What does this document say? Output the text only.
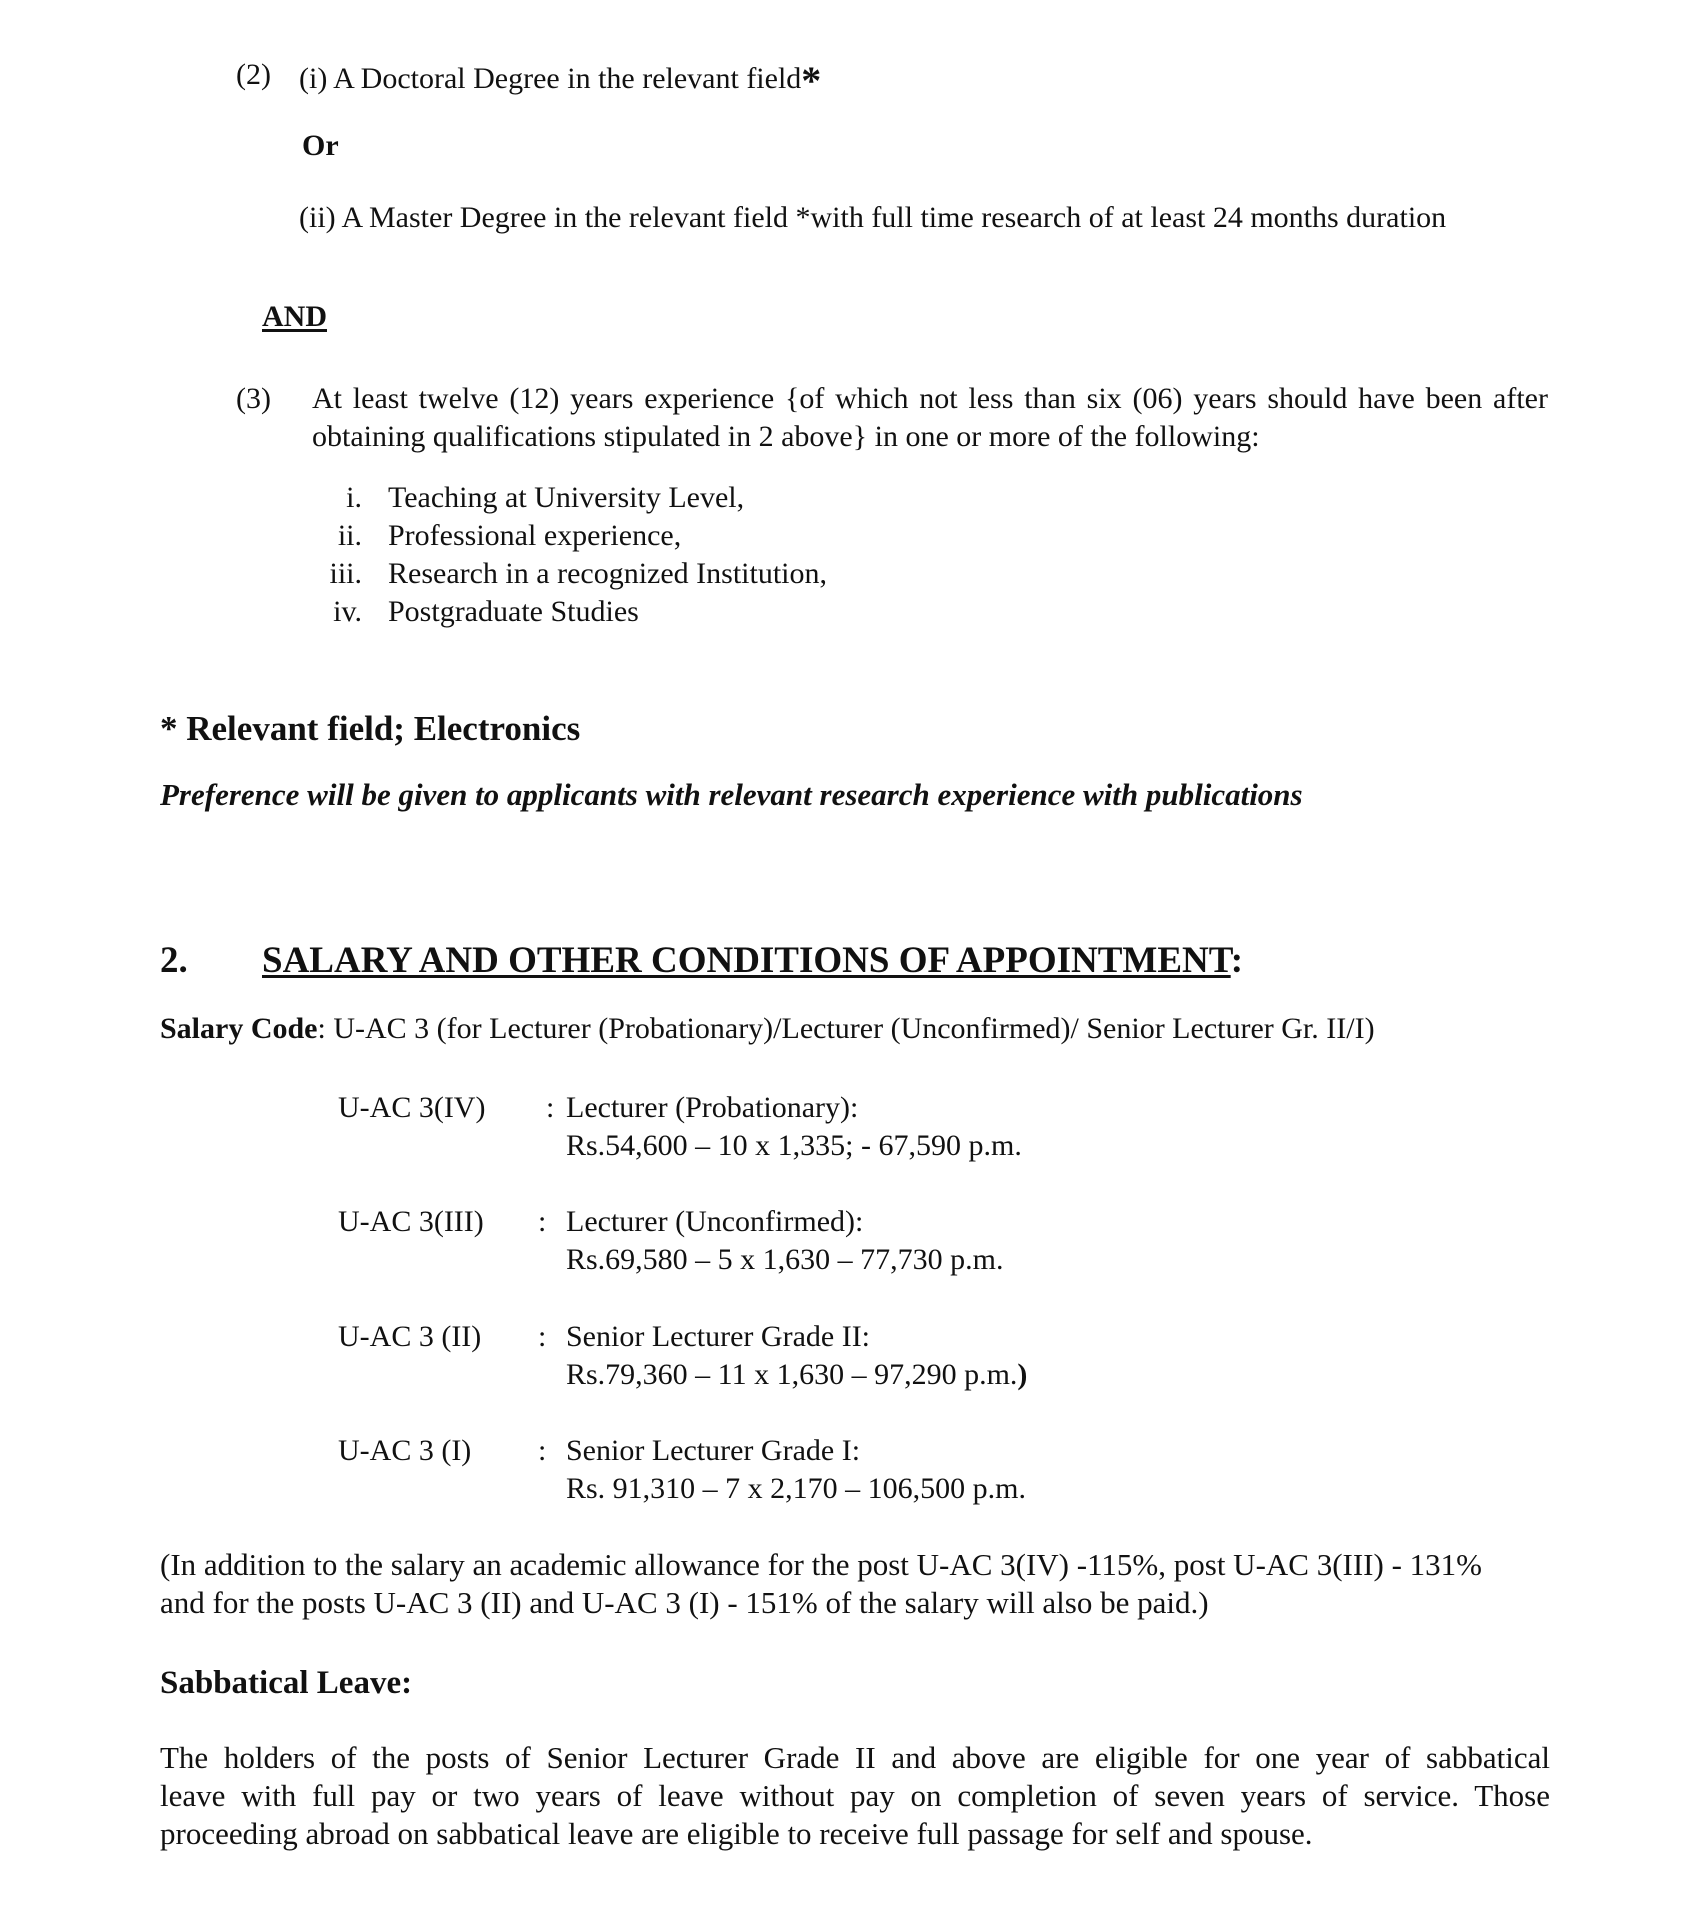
(2) (i) A Doctoral Degree in the relevant field*
Or
(ii) A Master Degree in the relevant field *with full time research of at least 24 months duration
AND
(3) At least twelve (12) years experience {of which not less than six (06) years should have been after
obtaining qualifications stipulated in 2 above} in one or more of the following:
i. Teaching at University Level,
ii. Professional experience,
iii. Research in a recognized Institution,
iv. Postgraduate Studies
* Relevant field; Electronics
Preference will be given to applicants with relevant research experience with publications
2. SALARY AND OTHER CONDITIONS OF APPOINTMENT:
Salary Code: U-AC 3 (for Lecturer (Probationary)/Lecturer (Unconfirmed)/ Senior Lecturer Gr. II/I)
U-AC 3(IV) : Lecturer (Probationary):
Rs.54,600 – 10 x 1,335; - 67,590 p.m.
U-AC 3(III) : Lecturer (Unconfirmed):
Rs.69,580 – 5 x 1,630 – 77,730 p.m.
U-AC 3 (II) : Senior Lecturer Grade II:
Rs.79,360 – 11 x 1,630 – 97,290 p.m.)
U-AC 3 (I) : Senior Lecturer Grade I:
Rs. 91,310 – 7 x 2,170 – 106,500 p.m.
(In addition to the salary an academic allowance for the post U-AC 3(IV) -115%, post U-AC 3(III) - 131%
and for the posts U-AC 3 (II) and U-AC 3 (I) - 151% of the salary will also be paid.)
Sabbatical Leave:
The holders of the posts of Senior Lecturer Grade II and above are eligible for one year of sabbatical
leave with full pay or two years of leave without pay on completion of seven years of service. Those
proceeding abroad on sabbatical leave are eligible to receive full passage for self and spouse.
